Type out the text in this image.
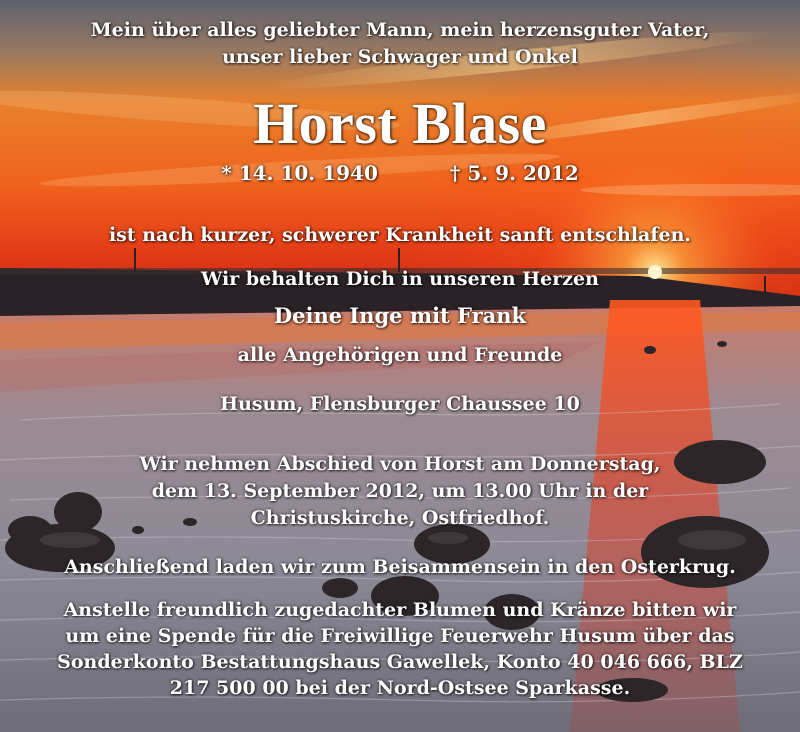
Mein über alles geliebter Mann, mein herzensguter Vater,
unser lieber Schwager und Onkel
Horst Blase
* 14. 10. 1940	† 5. 9. 2012
ist nach kurzer, schwerer Krankheit sanft entschlafen.
Wir behalten Dich in unseren Herzen
Deine Inge mit Frank
alle Angehörigen und Freunde
Husum, Flensburger Chaussee 10
Wir nehmen Abschied von Horst am Donnerstag,
dem 13. September 2012, um 13.00 Uhr in der
Christuskirche, Ostfriedhof.
Anschließend laden wir zum Beisammensein in den Osterkrug.
Anstelle freundlich zugedachter Blumen und Kränze bitten wir
um eine Spende für die Freiwillige Feuerwehr Husum über das
Sonderkonto Bestattungshaus Gawellek, Konto 40 046 666, BLZ
217 500 00 bei der Nord-Ostsee Sparkasse.
